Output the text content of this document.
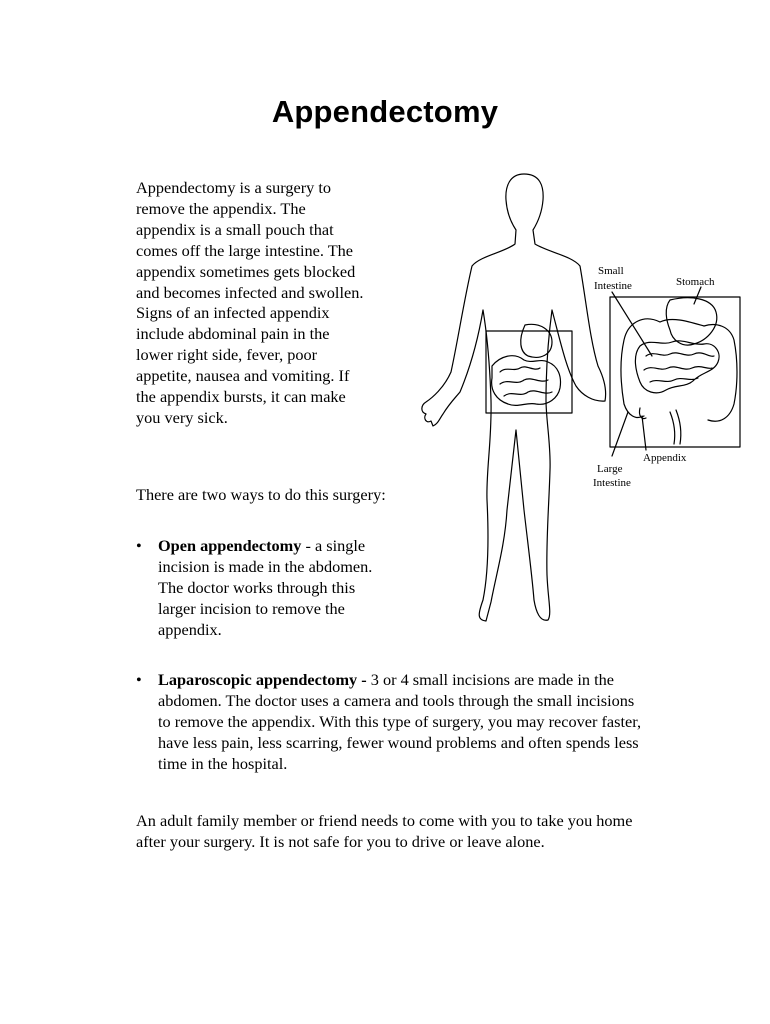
Appendectomy
Appendectomy is a surgery to remove the appendix. The appendix is a small pouch that comes off the large intestine. The appendix sometimes gets blocked and becomes infected and swollen. Signs of an infected appendix include abdominal pain in the lower right side, fever, poor appetite, nausea and vomiting. If the appendix bursts, it can make you very sick.
There are two ways to do this surgery:
• Open appendectomy - a single incision is made in the abdomen. The doctor works through this larger incision to remove the appendix.
• Laparoscopic appendectomy - 3 or 4 small incisions are made in the abdomen. The doctor uses a camera and tools through the small incisions to remove the appendix. With this type of surgery, you may recover faster, have less pain, less scarring, fewer wound problems and often spends less time in the hospital.
An adult family member or friend needs to come with you to take you home after your surgery. It is not safe for you to drive or leave alone.
Small
Intestine	Stomach
Appendix
Large
Intestine
